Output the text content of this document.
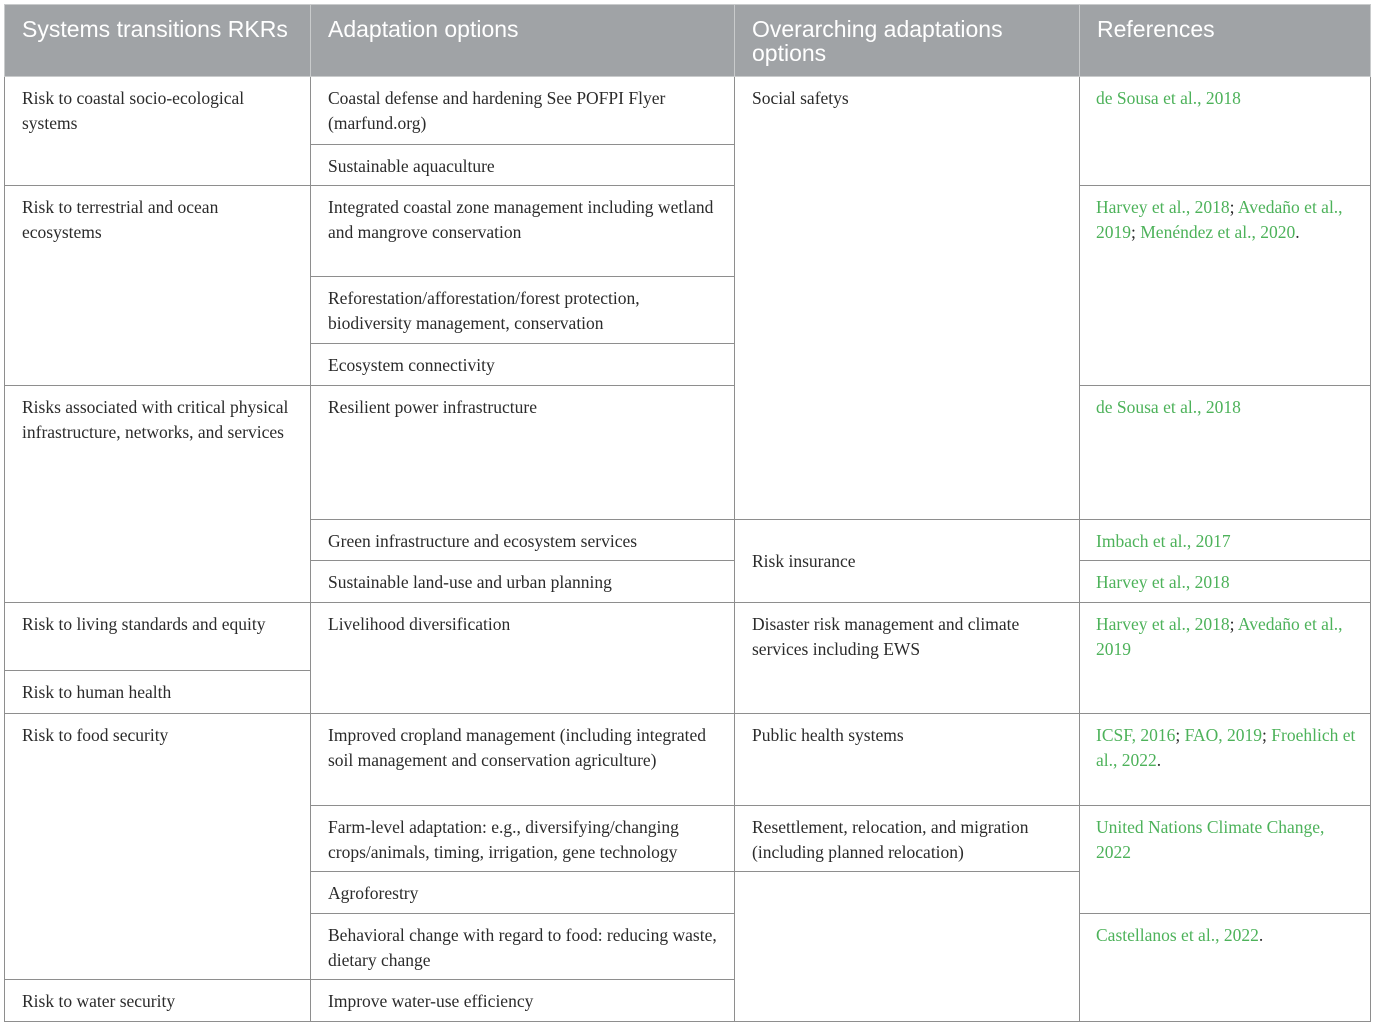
Systems transitions RKRs	Adaptation options	Overarching adaptations options	References
Risk to coastal socio-ecological systems	Coastal defense and hardening See POFPI Flyer (marfund.org)	Social safetys	de Sousa et al., 2018
	Sustainable aquaculture		
Risk to terrestrial and ocean ecosystems	Integrated coastal zone management including wetland and mangrove conservation		Harvey et al., 2018; Avedaño et al., 2019; Menéndez et al., 2020.
	Reforestation/afforestation/forest protection, biodiversity management, conservation		
	Ecosystem connectivity		
Risks associated with critical physical infrastructure, networks, and services	Resilient power infrastructure		de Sousa et al., 2018
	Green infrastructure and ecosystem services	Risk insurance	Imbach et al., 2017
	Sustainable land-use and urban planning		Harvey et al., 2018
Risk to living standards and equity	Livelihood diversification	Disaster risk management and climate services including EWS	Harvey et al., 2018; Avedaño et al., 2019
Risk to human health			
Risk to food security	Improved cropland management (including integrated soil management and conservation agriculture)	Public health systems	ICSF, 2016; FAO, 2019; Froehlich et al., 2022.
	Farm-level adaptation: e.g., diversifying/changing crops/animals, timing, irrigation, gene technology	Resettlement, relocation, and migration (including planned relocation)	United Nations Climate Change, 2022
	Agroforestry		
	Behavioral change with regard to food: reducing waste, dietary change		Castellanos et al., 2022.
Risk to water security	Improve water-use efficiency		
